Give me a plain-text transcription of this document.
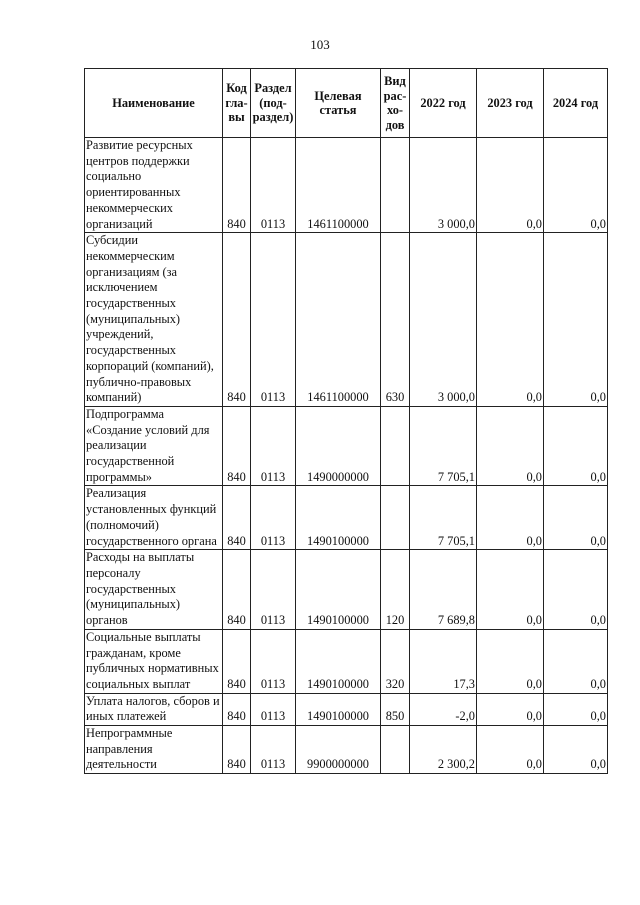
103
Наименование	Код гла-вы	Раздел (под-раздел)	Целевая статья	Вид рас-хо-дов	2022 год	2023 год	2024 год
Развитие ресурсных центров поддержки социально ориентированных некоммерческих организаций	840	0113	1461100000		3 000,0	0,0	0,0
Субсидии некоммерческим организациям (за исключением государственных (муниципальных) учреждений, государственных корпораций (компаний), публично-правовых компаний)	840	0113	1461100000	630	3 000,0	0,0	0,0
Подпрограмма «Создание условий для реализации государственной программы»	840	0113	1490000000		7 705,1	0,0	0,0
Реализация установленных функций (полномочий) государственного органа	840	0113	1490100000		7 705,1	0,0	0,0
Расходы на выплаты персоналу государственных (муниципальных) органов	840	0113	1490100000	120	7 689,8	0,0	0,0
Социальные выплаты гражданам, кроме публичных нормативных социальных выплат	840	0113	1490100000	320	17,3	0,0	0,0
Уплата налогов, сборов и иных платежей	840	0113	1490100000	850	-2,0	0,0	0,0
Непрограммные направления деятельности	840	0113	9900000000		2 300,2	0,0	0,0
